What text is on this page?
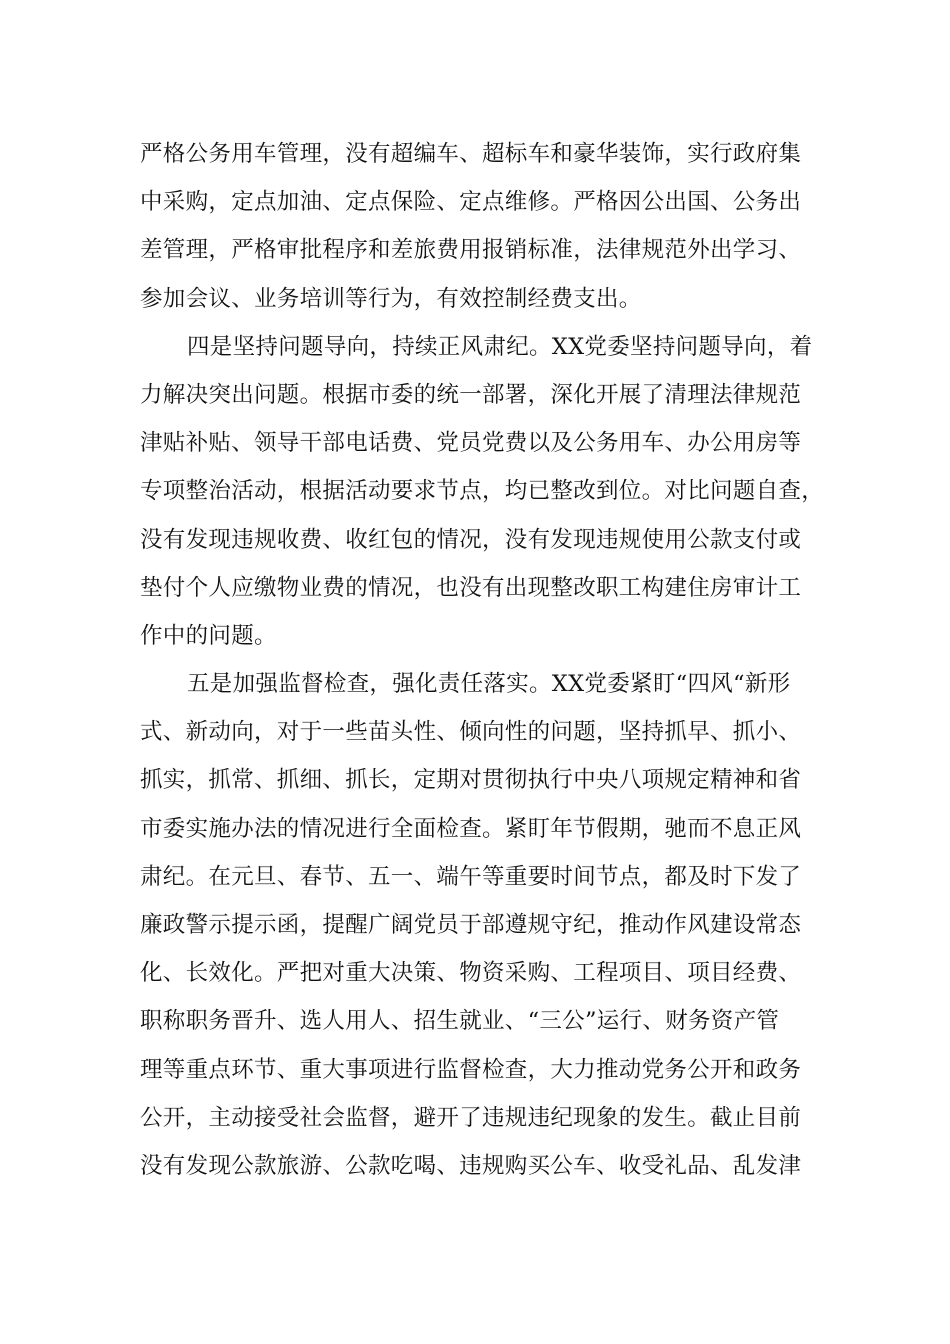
严格公务用车管理，没有超编车、超标车和豪华装饰，实行政府集
中采购，定点加油、定点保险、定点维修。严格因公出国、公务出
差管理，严格审批程序和差旅费用报销标准，法律规范外出学习、
参加会议、业务培训等行为，有效控制经费支出。
四是坚持问题导向，持续正风肃纪。XX党委坚持问题导向，着
力解决突出问题。根据市委的统一部署，深化开展了清理法律规范
津贴补贴、领导干部电话费、党员党费以及公务用车、办公用房等
专项整治活动，根据活动要求节点，均已整改到位。对比问题自查，
没有发现违规收费、收红包的情况，没有发现违规使用公款支付或
垫付个人应缴物业费的情况，也没有出现整改职工构建住房审计工
作中的问题。
五是加强监督检查，强化责任落实。XX党委紧盯“四风“新形
式、新动向，对于一些苗头性、倾向性的问题，坚持抓早、抓小、
抓实，抓常、抓细、抓长，定期对贯彻执行中央八项规定精神和省
市委实施办法的情况进行全面检查。紧盯年节假期，驰而不息正风
肃纪。在元旦、春节、五一、端午等重要时间节点，都及时下发了
廉政警示提示函，提醒广阔党员于部遵规守纪，推动作风建设常态
化、长效化。严把对重大决策、物资采购、工程项目、项目经费、
职称职务晋升、选人用人、招生就业、“三公”运行、财务资产管
理等重点环节、重大事项进行监督检查，大力推动党务公开和政务
公开，主动接受社会监督，避开了违规违纪现象的发生。截止目前
没有发现公款旅游、公款吃喝、违规购买公车、收受礼品、乱发津
